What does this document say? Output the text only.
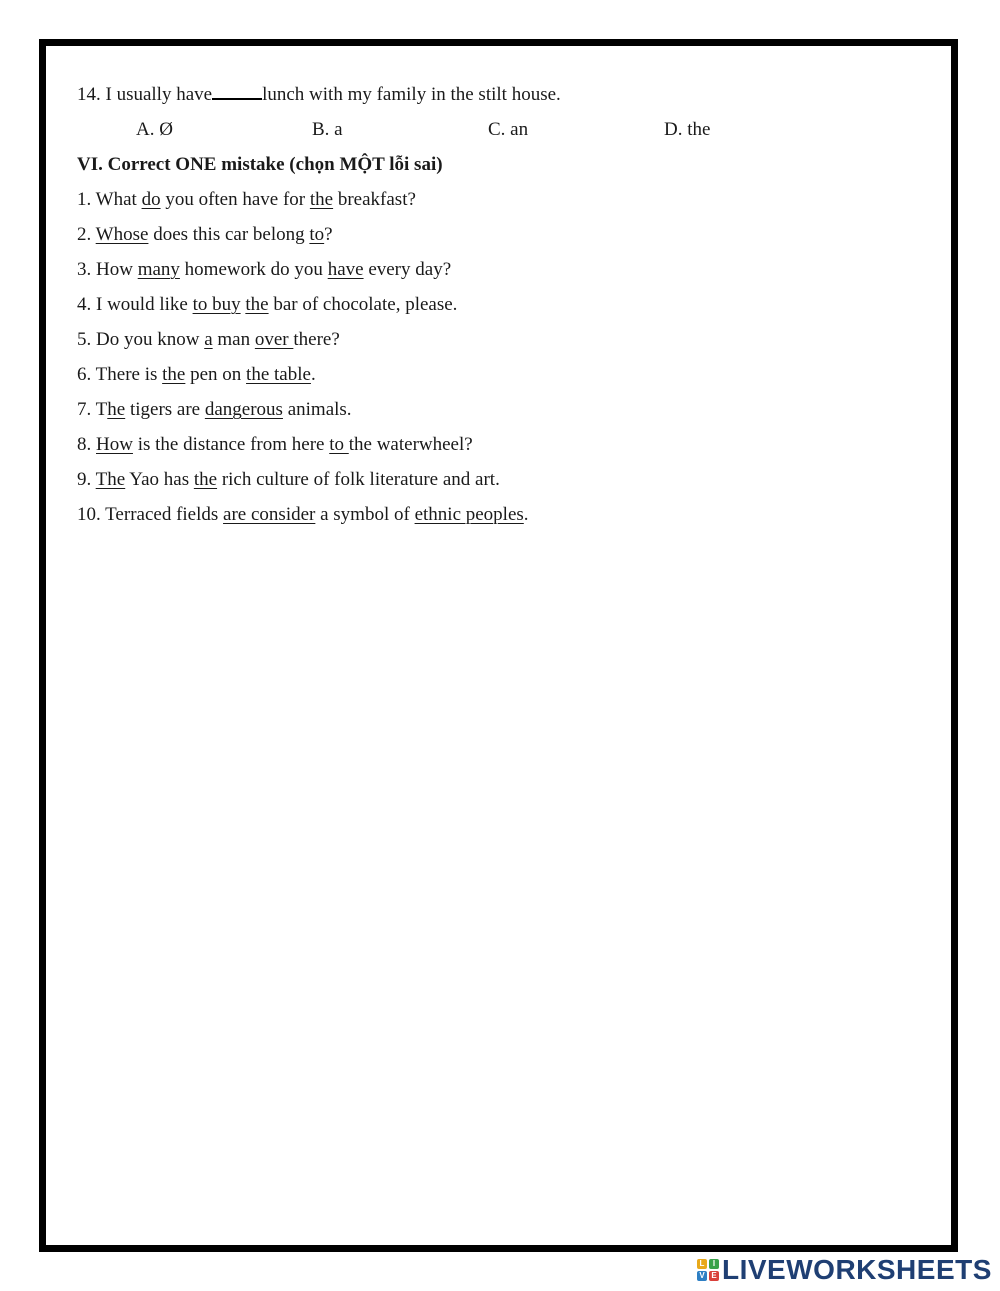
14. I usually have	lunch with my family in the stilt house.
A. Ø	B. a	C. an	D. the
VI. Correct ONE mistake (chọn MỘT lỗi sai)
1. What do you often have for the breakfast?
2. Whose does this car belong to?
3. How many homework do you have every day?
4. I would like to buy the bar of chocolate, please.
5. Do you know a man over there?
6. There is the pen on the table.
7. The tigers are dangerous animals.
8. How is the distance from here to the waterwheel?
9. The Yao has the rich culture of folk literature and art.
10. Terraced fields are consider a symbol of ethnic peoples.
L	I
V E LIVEWORKSHEETS
